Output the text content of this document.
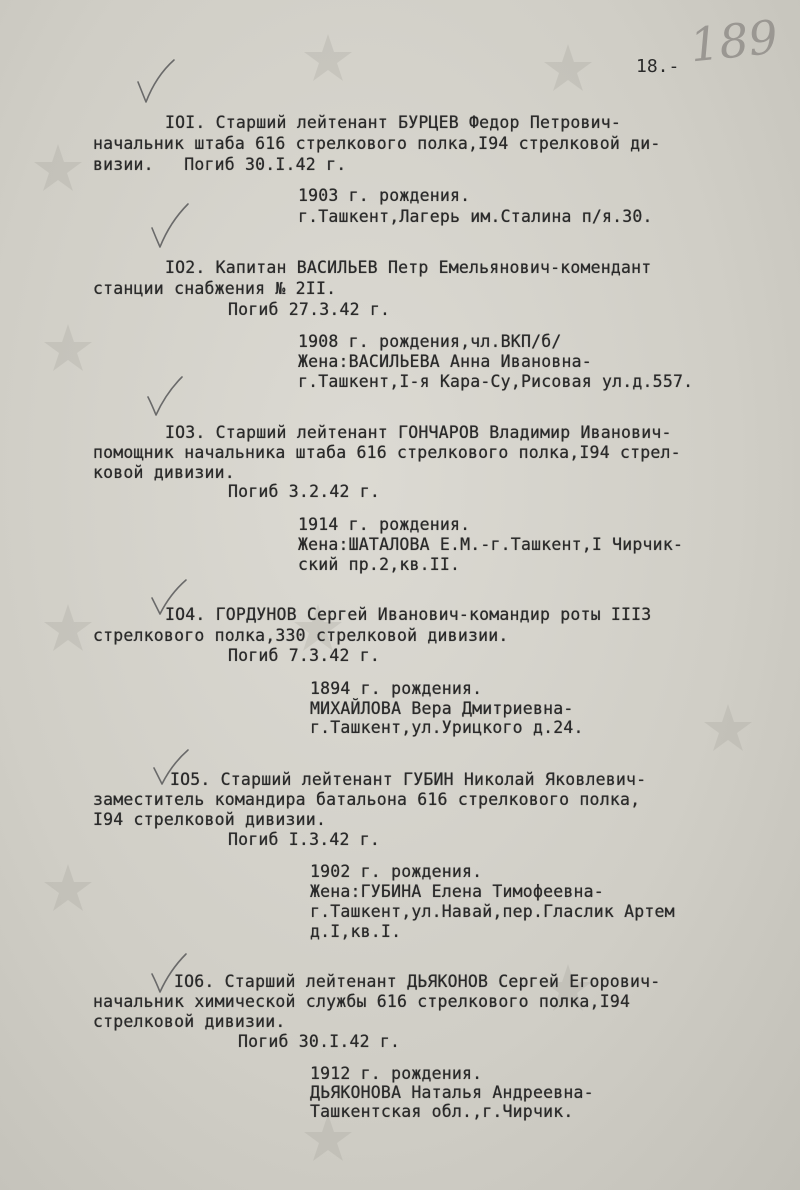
189
18.-
IOI. Старший лейтенант БУРЦЕВ Федор Петрович-
начальник штаба 616 стрелкового полка,I94 стрелковой ди-
визии.   Погиб 30.I.42 г.
1903 г. рождения.
г.Ташкент,Лагерь им.Сталина п/я.30.
IO2. Капитан ВАСИЛЬЕВ Петр Емельянович-комендант
станции снабжения № 2II.
Погиб 27.3.42 г.
1908 г. рождения,чл.ВКП/б/
Жена:ВАСИЛЬЕВА Анна Ивановна-
г.Ташкент,I-я Кара-Су,Рисовая ул.д.557.
IO3. Старший лейтенант ГОНЧАРОВ Владимир Иванович-
помощник начальника штаба 616 стрелкового полка,I94 стрел-
ковой дивизии.
Погиб 3.2.42 г.
1914 г. рождения.
Жена:ШАТАЛОВА Е.М.-г.Ташкент,I Чирчик-
ский пр.2,кв.II.
IO4. ГОРДУНОВ Сергей Иванович-командир роты III3
стрелкового полка,330 стрелковой дивизии.
Погиб 7.3.42 г.
1894 г. рождения.
МИХАЙЛОВА Вера Дмитриевна-
г.Ташкент,ул.Урицкого д.24.
IO5. Старший лейтенант ГУБИН Николай Яковлевич-
заместитель командира батальона 616 стрелкового полка,
I94 стрелковой дивизии.
Погиб I.3.42 г.
1902 г. рождения.
Жена:ГУБИНА Елена Тимофеевна-
г.Ташкент,ул.Навай,пер.Гласлик Артем
д.I,кв.I.
IO6. Старший лейтенант ДЬЯКОНОВ Сергей Егорович-
начальник химической службы 616 стрелкового полка,I94
стрелковой дивизии.
Погиб 30.I.42 г.
1912 г. рождения.
ДЬЯКОНОВА Наталья Андреевна-
Ташкентская обл.,г.Чирчик.
